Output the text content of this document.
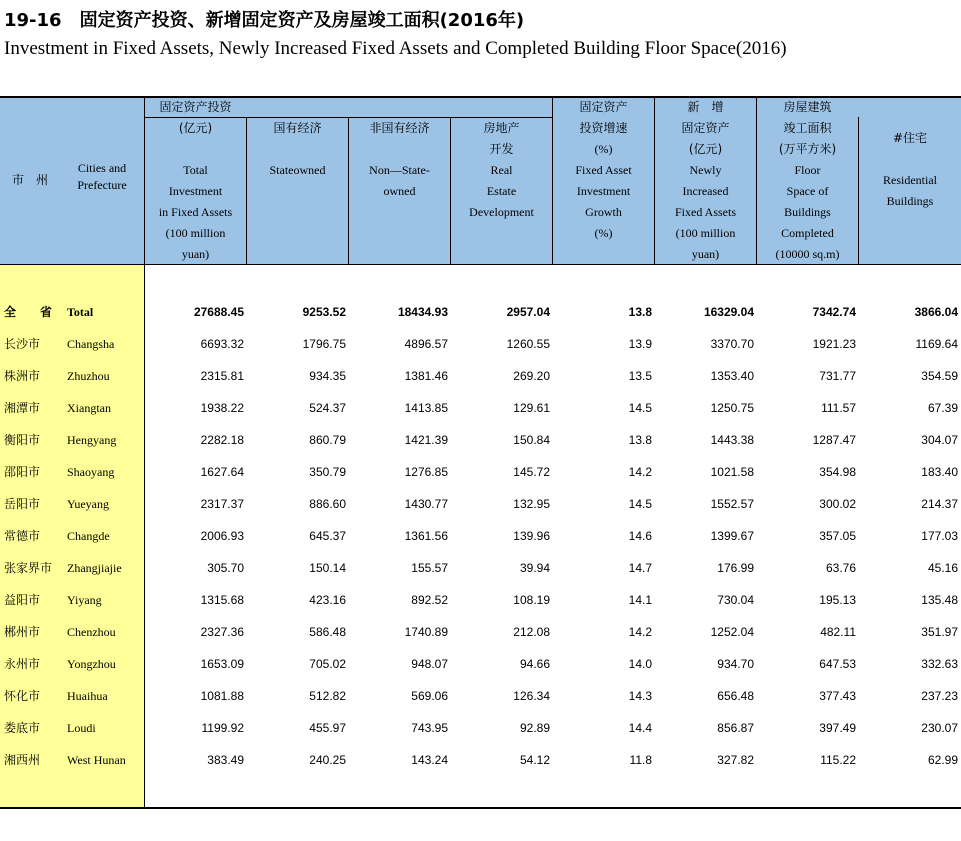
19-16　固定资产投资、新增固定资产及房屋竣工面积(2016年)
Investment in Fixed Assets, Newly Increased Fixed Assets and Completed Building Floor Space(2016)
市　州
Cities and
Prefecture
固定资产投资
(亿元)

Total
Investment
in Fixed Assets
(100 million
yuan)
国有经济

Stateowned
非国有经济

Non—State-
owned
房地产
开发
Real
Estate
Development
固定资产
投资增速
(%)
Fixed Asset
Investment
Growth
(%)
新　增
固定资产
(亿元)
Newly
Increased
Fixed Assets
(100 million
yuan)
房屋建筑
竣工面积
(万平方米)
Floor
Space of
Buildings
Completed
(10000 sq.m)
#住宅

Residential
Buildings
全　省 Total	27688.45	9253.52	18434.93	2957.04	13.8	16329.04	7342.74	3866.04
长沙市 Changsha	6693.32	1796.75	4896.57	1260.55	13.9	3370.70	1921.23	1169.64
株洲市 Zhuzhou	2315.81	934.35	1381.46	269.20	13.5	1353.40	731.77	354.59
湘潭市 Xiangtan	1938.22	524.37	1413.85	129.61	14.5	1250.75	111.57	67.39
衡阳市 Hengyang	2282.18	860.79	1421.39	150.84	13.8	1443.38	1287.47	304.07
邵阳市 Shaoyang	1627.64	350.79	1276.85	145.72	14.2	1021.58	354.98	183.40
岳阳市 Yueyang	2317.37	886.60	1430.77	132.95	14.5	1552.57	300.02	214.37
常德市 Changde	2006.93	645.37	1361.56	139.96	14.6	1399.67	357.05	177.03
张家界市 Zhangjiajie	305.70	150.14	155.57	39.94	14.7	176.99	63.76	45.16
益阳市 Yiyang	1315.68	423.16	892.52	108.19	14.1	730.04	195.13	135.48
郴州市 Chenzhou	2327.36	586.48	1740.89	212.08	14.2	1252.04	482.11	351.97
永州市 Yongzhou	1653.09	705.02	948.07	94.66	14.0	934.70	647.53	332.63
怀化市 Huaihua	1081.88	512.82	569.06	126.34	14.3	656.48	377.43	237.23
娄底市 Loudi	1199.92	455.97	743.95	92.89	14.4	856.87	397.49	230.07
湘西州 West Hunan	383.49	240.25	143.24	54.12	11.8	327.82	115.22	62.99
